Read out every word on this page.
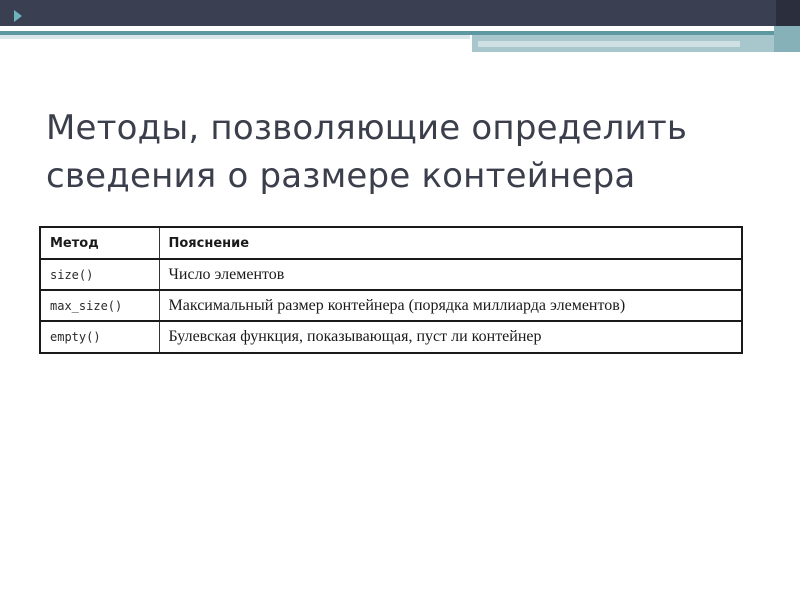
Методы, позволяющие определить
сведения о размере контейнера
Метод	Пояснение
size()	Число элементов
max_size()	Максимальный размер контейнера (порядка миллиарда элементов)
empty()	Булевская функция, показывающая, пуст ли контейнер
